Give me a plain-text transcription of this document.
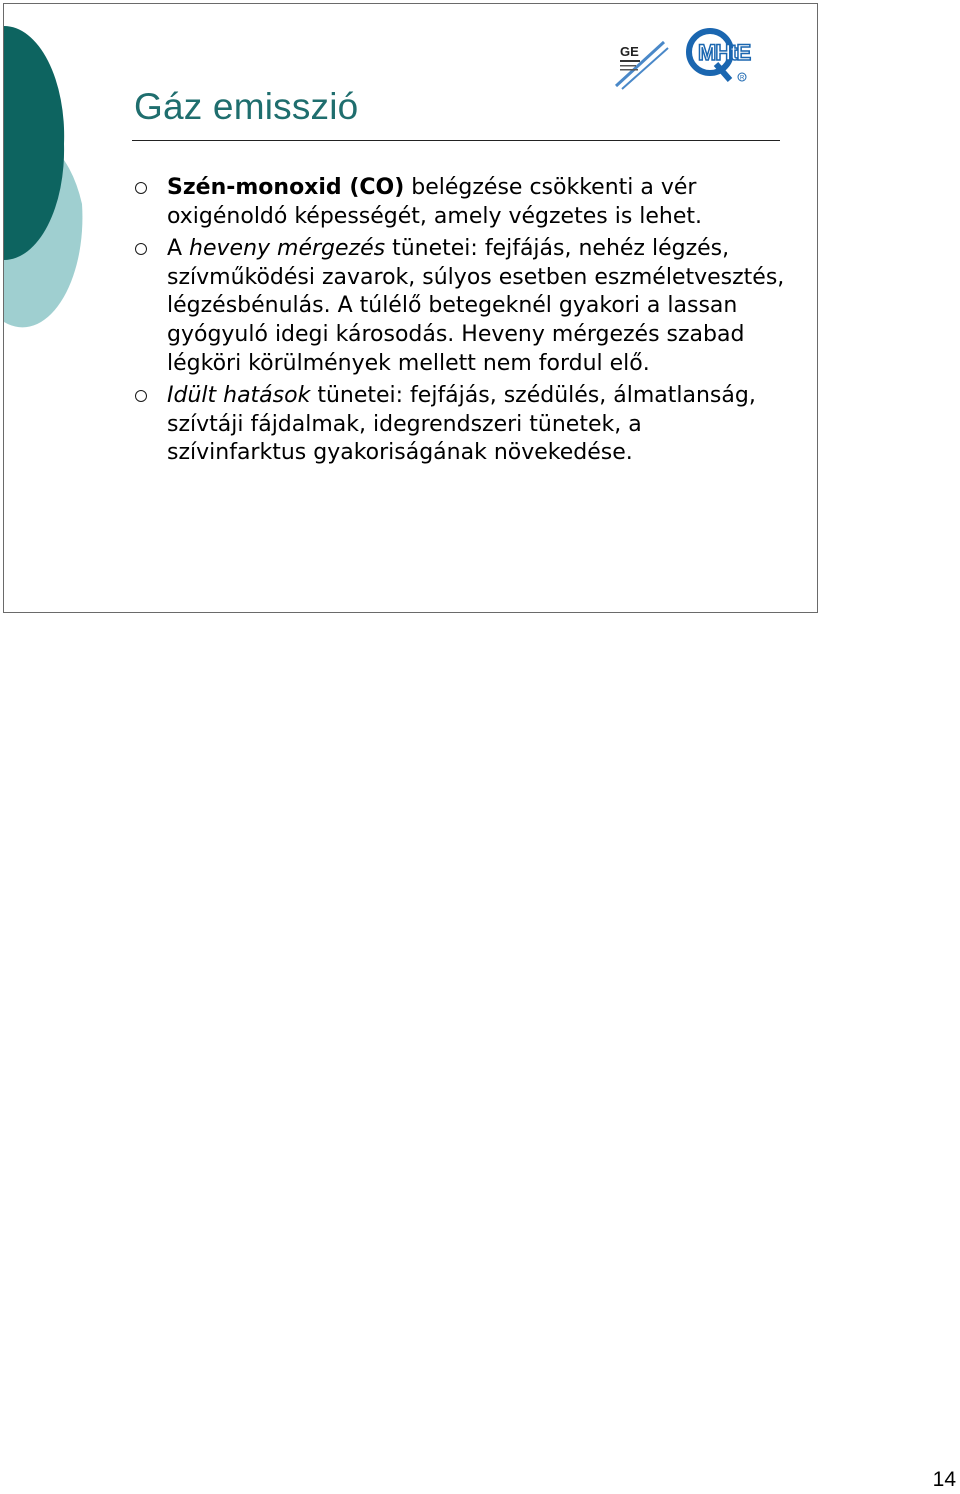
GE	MHtE
R
Gáz emisszió
Szén-monoxid (CO) belégzése csökkenti a vér oxigénoldó képességét, amely végzetes is lehet.
A heveny mérgezés tünetei: fejfájás, nehéz légzés, szívműködési zavarok, súlyos esetben eszméletvesztés, légzésbénulás. A túlélő betegeknél gyakori a lassan gyógyuló idegi károsodás. Heveny mérgezés szabad légköri körülmények mellett nem fordul elő.
Idült hatások tünetei: fejfájás, szédülés, álmatlanság, szívtáji fájdalmak, idegrendszeri tünetek, a szívinfarktus gyakoriságának növekedése.
14
